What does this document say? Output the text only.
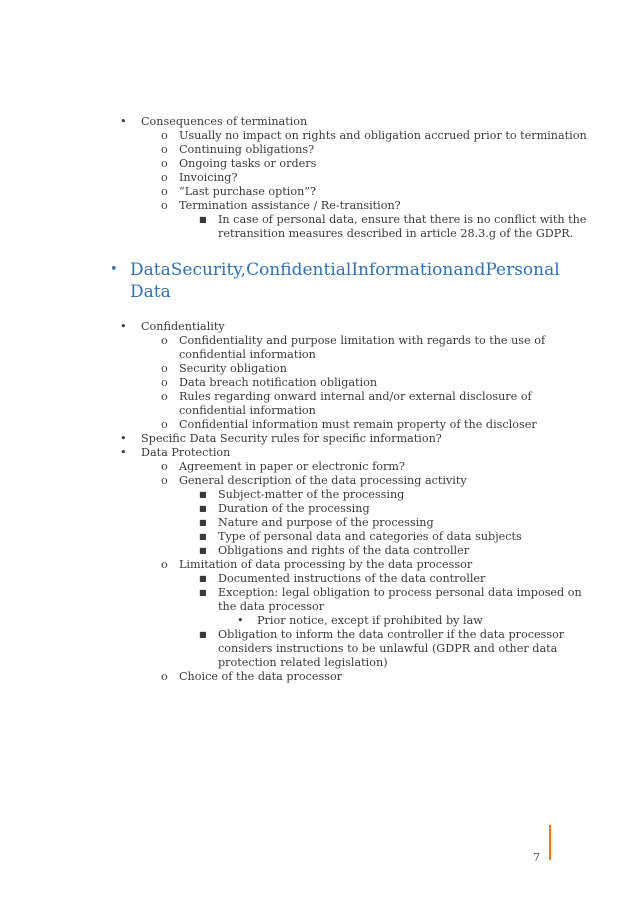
• Consequences of termination
o Usually no impact on rights and obligation accrued prior to termination
o Continuing obligations?
o Ongoing tasks or orders
o Invoicing?
o “Last purchase option”?
o Termination assistance / Re-transition?
■ In case of personal data, ensure that there is no conflict with the
retransition measures described in article 28.3.g of the GDPR.
• Data Security, Confidential Information and Personal
Data
• Confidentiality
o Confidentiality and purpose limitation with regards to the use of
confidential information
o Security obligation
o Data breach notification obligation
o Rules regarding onward internal and/or external disclosure of
confidential information
o Confidential information must remain property of the discloser
• Specific Data Security rules for specific information?
• Data Protection
o Agreement in paper or electronic form?
o General description of the data processing activity
■ Subject-matter of the processing
■ Duration of the processing
■ Nature and purpose of the processing
■ Type of personal data and categories of data subjects
■ Obligations and rights of the data controller
o Limitation of data processing by the data processor
■ Documented instructions of the data controller
■ Exception: legal obligation to process personal data imposed on
the data processor
• Prior notice, except if prohibited by law
■ Obligation to inform the data controller if the data processor
considers instructions to be unlawful (GDPR and other data
protection related legislation)
o Choice of the data processor
7
